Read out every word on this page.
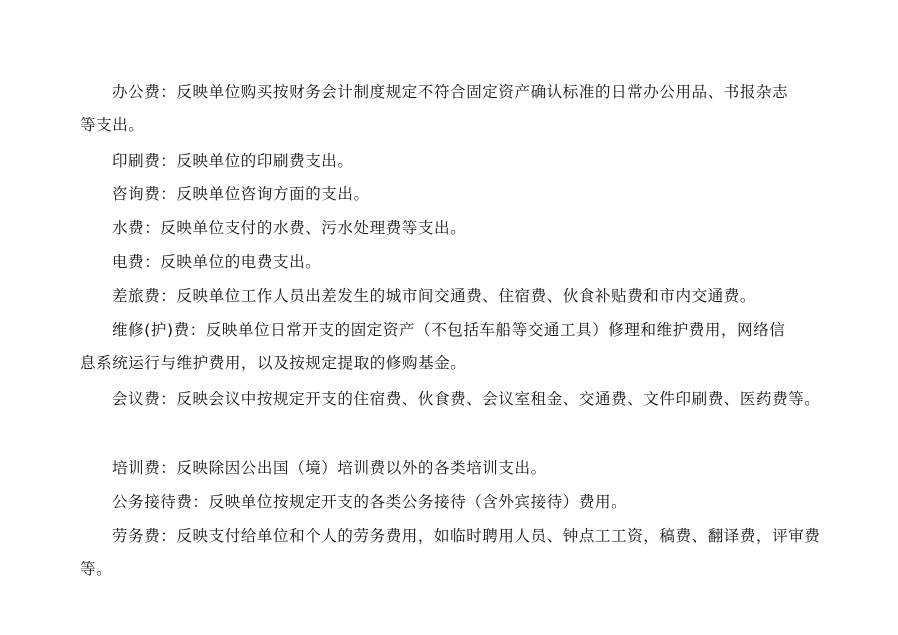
办公费：反映单位购买按财务会计制度规定不符合固定资产确认标准的日常办公用品、书报杂志　　等支出。

印刷费：反映单位的印刷费支出。

咨询费：反映单位咨询方面的支出。

水费：反映单位支付的水费、污水处理费等支出。

电费：反映单位的电费支出。

差旅费：反映单位工作人员出差发生的城市间交通费、住宿费、伙食补贴费和市内交通费。

维修(护)费：反映单位日常开支的固定资产（不包括车船等交通工具）修理和维护费用，网络信　　息系统运行与维护费用，以及按规定提取的修购基金。

会议费：反映会议中按规定开支的住宿费、伙食费、会议室租金、交通费、文件印刷费、医药费等。

培训费：反映除因公出国（境）培训费以外的各类培训支出。

公务接待费：反映单位按规定开支的各类公务接待（含外宾接待）费用。

劳务费：反映支付给单位和个人的劳务费用，如临时聘用人员、钟点工工资，稿费、翻译费，评审费等。
